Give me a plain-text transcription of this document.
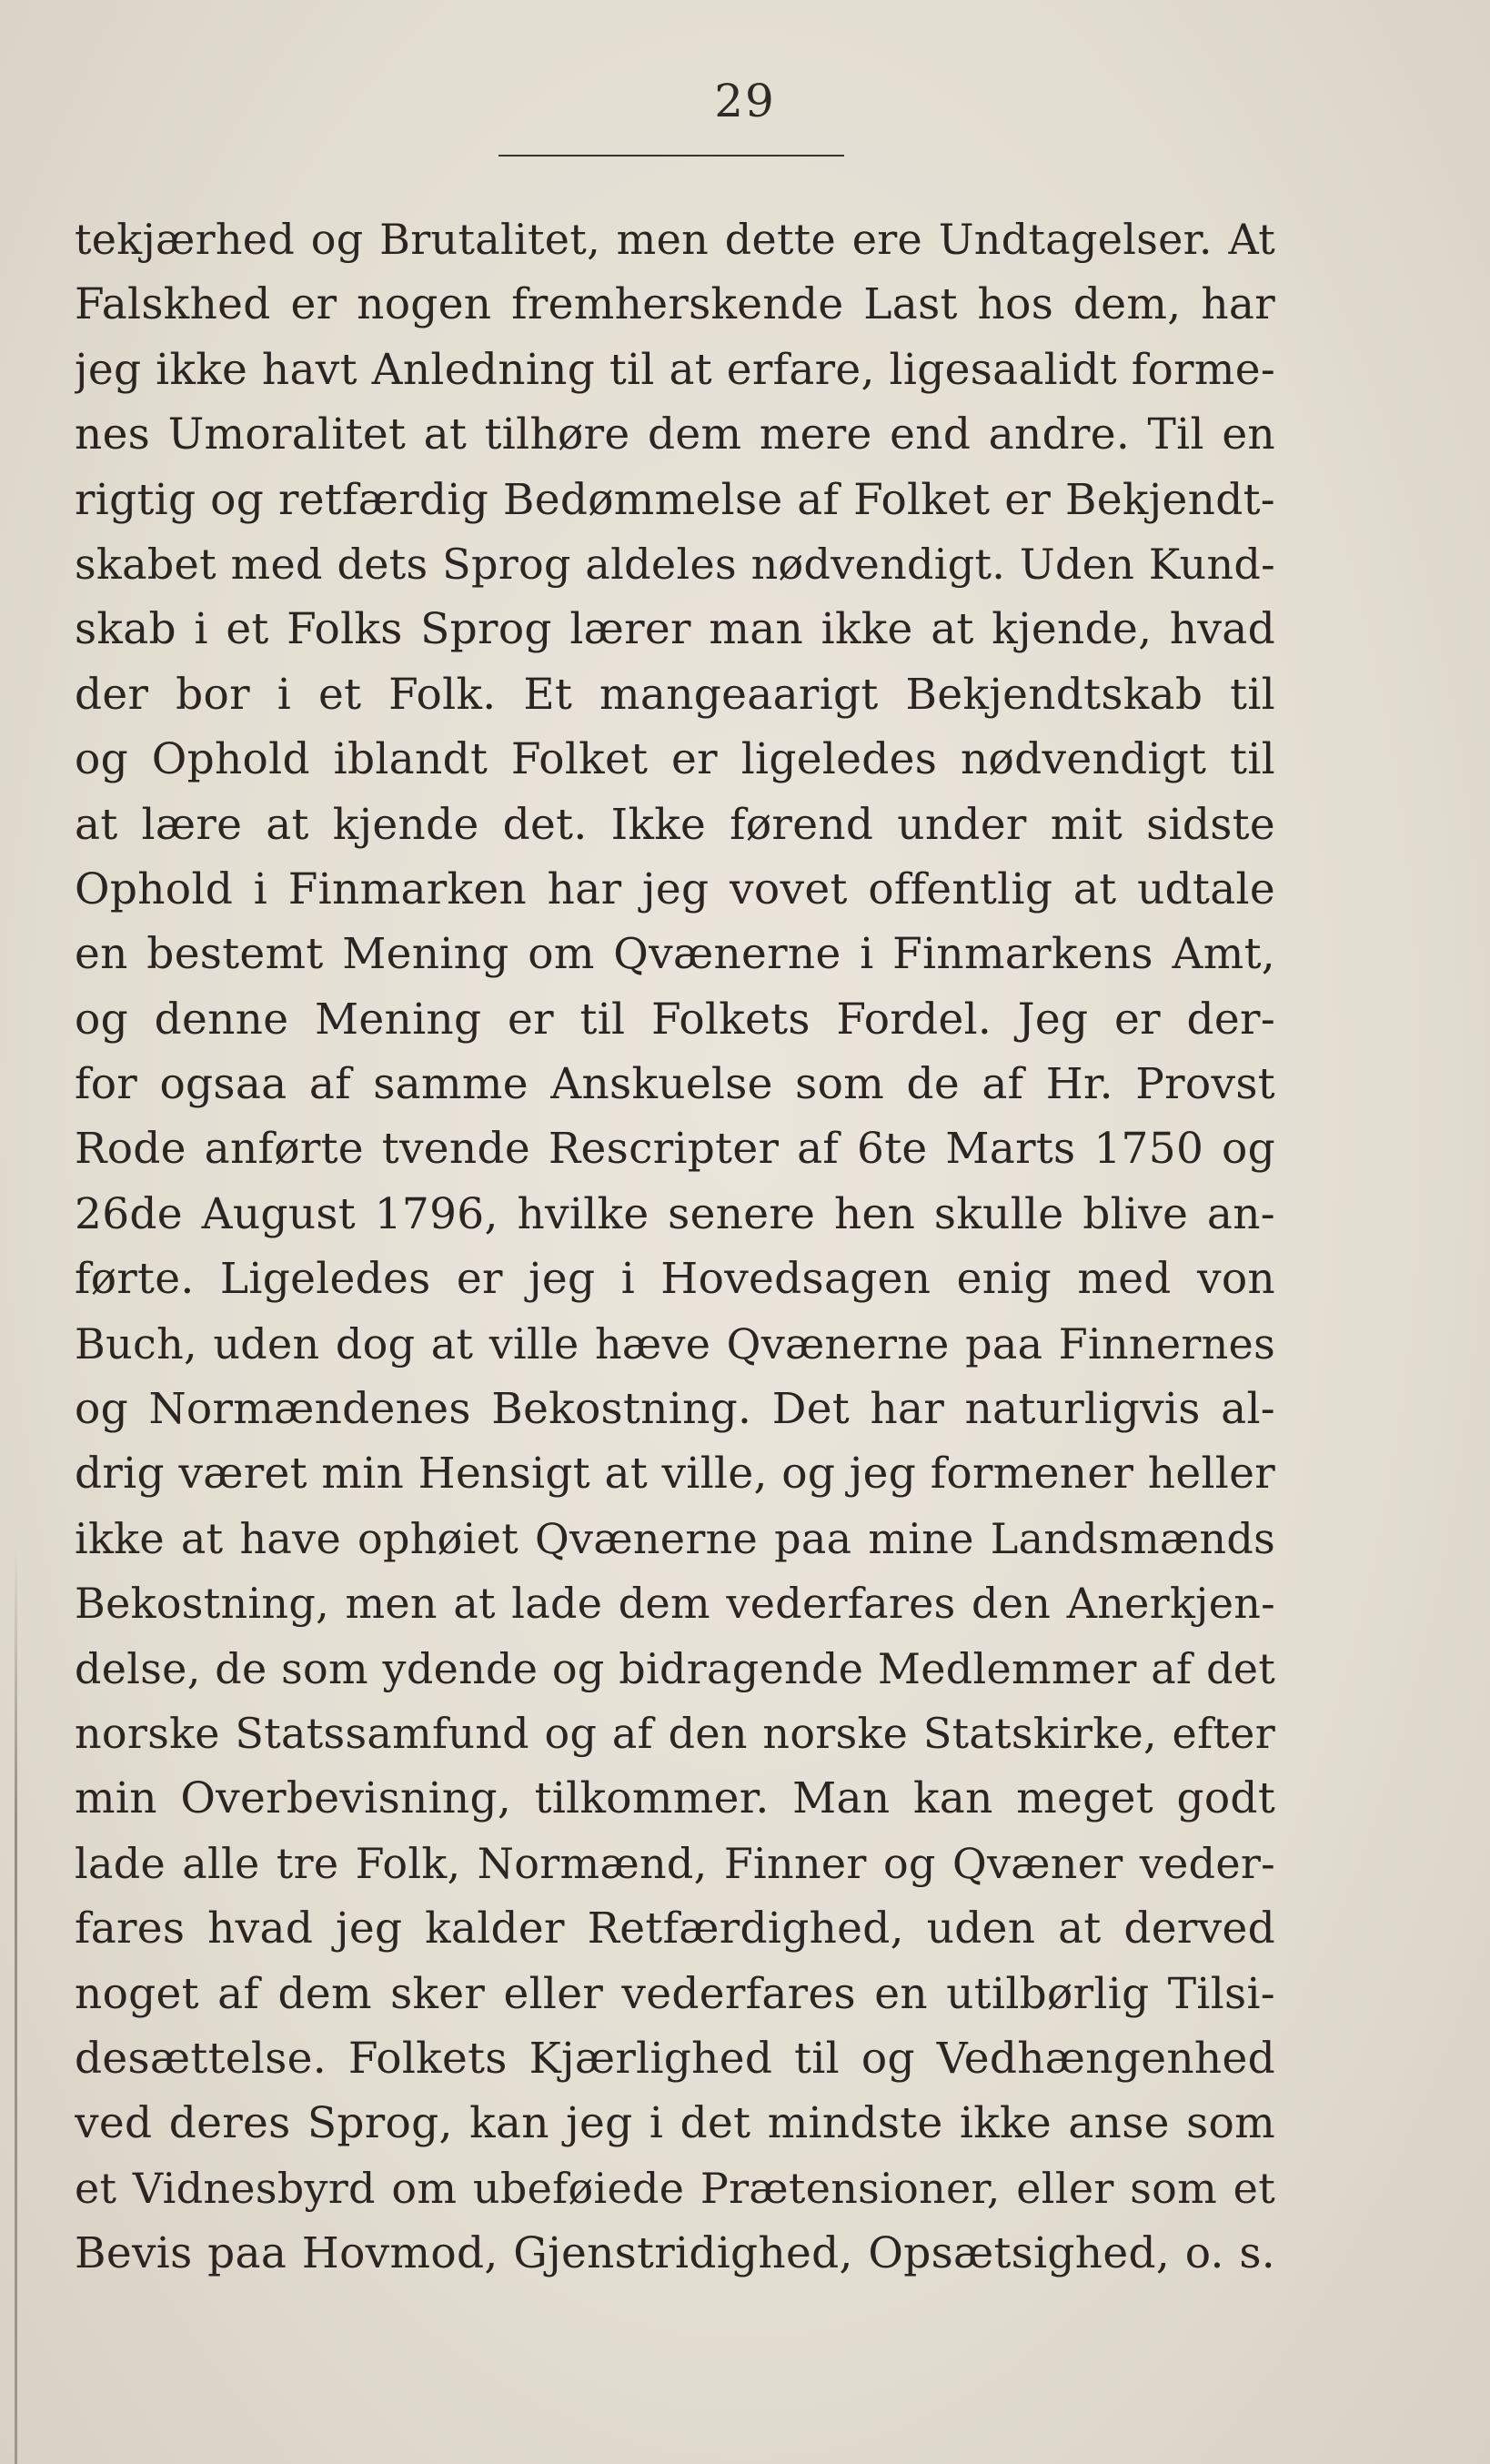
29
tekjærhed og Brutalitet, men dette ere Undtagelser. At
Falskhed er nogen fremherskende Last hos dem, har
jeg ikke havt Anledning til at erfare, ligesaalidt forme-
nes Umoralitet at tilhøre dem mere end andre. Til en
rigtig og retfærdig Bedømmelse af Folket er Bekjendt-
skabet med dets Sprog aldeles nødvendigt. Uden Kund-
skab i et Folks Sprog lærer man ikke at kjende, hvad
der bor i et Folk. Et mangeaarigt Bekjendtskab til
og Ophold iblandt Folket er ligeledes nødvendigt til
at lære at kjende det. Ikke førend under mit sidste
Ophold i Finmarken har jeg vovet offentlig at udtale
en bestemt Mening om Qvænerne i Finmarkens Amt,
og denne Mening er til Folkets Fordel. Jeg er der-
for ogsaa af samme Anskuelse som de af Hr. Provst
Rode anførte tvende Rescripter af 6te Marts 1750 og
26de August 1796, hvilke senere hen skulle blive an-
førte. Ligeledes er jeg i Hovedsagen enig med von
Buch, uden dog at ville hæve Qvænerne paa Finnernes
og Normændenes Bekostning. Det har naturligvis al-
drig været min Hensigt at ville, og jeg formener heller
ikke at have ophøiet Qvænerne paa mine Landsmænds
Bekostning, men at lade dem vederfares den Anerkjen-
delse, de som ydende og bidragende Medlemmer af det
norske Statssamfund og af den norske Statskirke, efter
min Overbevisning, tilkommer. Man kan meget godt
lade alle tre Folk, Normænd, Finner og Qvæner veder-
fares hvad jeg kalder Retfærdighed, uden at derved
noget af dem sker eller vederfares en utilbørlig Tilsi-
desættelse. Folkets Kjærlighed til og Vedhængenhed
ved deres Sprog, kan jeg i det mindste ikke anse som
et Vidnesbyrd om ubeføiede Prætensioner, eller som et
Bevis paa Hovmod, Gjenstridighed, Opsætsighed, o. s.
